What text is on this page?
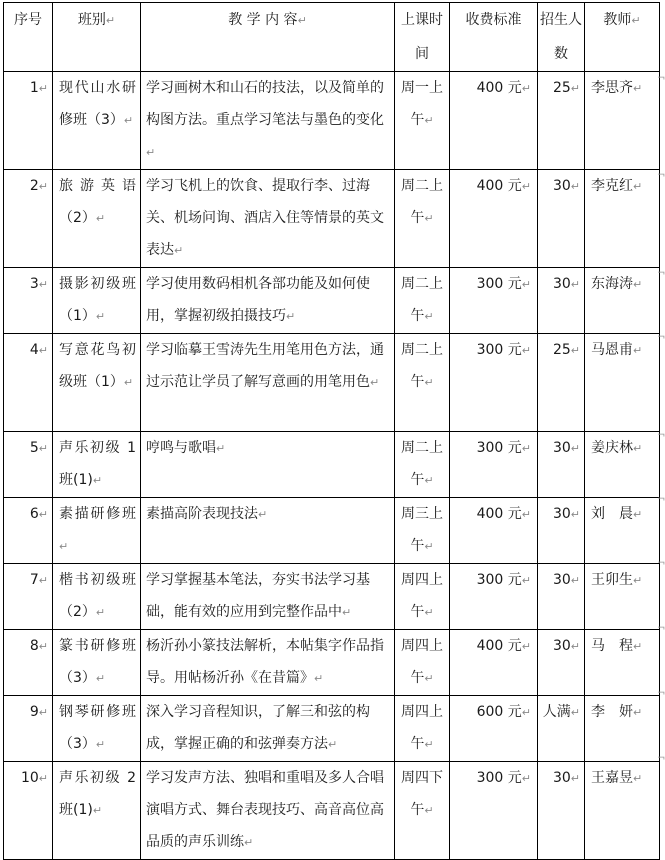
序号	班别↵	教 学 内 容↵	上课时间	收费标准	招生人数	教师↵
1↵	现代山水研修班（3）↵	学习画树木和山石的技法，以及简单的构图方法。重点学习笔法与墨色的变化↵	周一上午↵	400 元↵	25↵	李思齐↵
2↵	旅游英语（2）↵	学习飞机上的饮食、提取行李、过海关、机场问询、酒店入住等情景的英文表达↵	周二上午↵	400 元↵	30↵	李克红↵
3↵	摄影初级班（1）↵	学习使用数码相机各部功能及如何使用，掌握初级拍摄技巧↵	周二上午↵	300 元↵	30↵	东海涛↵
4↵	写意花鸟初级班（1）↵	学习临摹王雪涛先生用笔用色方法，通过示范让学员了解写意画的用笔用色↵	周二上午↵	300 元↵	25↵	马恩甫↵
5↵	声乐初级 1 班(1)↵	哼鸣与歌唱↵	周二上午↵	300 元↵	30↵	姜庆林↵
6↵	素描研修班↵	素描高阶表现技法↵	周三上午↵	400 元↵	30↵	刘　晨↵
7↵	楷书初级班（2）↵	学习掌握基本笔法，夯实书法学习基础，能有效的应用到完整作品中↵	周四上午↵	300 元↵	30↵	王卯生↵
8↵	篆书研修班（3）↵	杨沂孙小篆技法解析，本帖集字作品指导。用帖杨沂孙《在昔篇》↵	周四上午↵	400 元↵	30↵	马　程↵
9↵	钢琴研修班（3）↵	深入学习音程知识，了解三和弦的构成，掌握正确的和弦弹奏方法↵	周四上午↵	600 元↵	人满↵	李　妍↵
10↵	声乐初级 2 班(1)↵	学习发声方法、独唱和重唱及多人合唱演唱方式、舞台表现技巧、高音高位高品质的声乐训练↵	周四下午↵	300 元↵	30↵	王嘉昱↵
¬
¬
¬
¬
¬
¬
¬
¬
¬
¬
